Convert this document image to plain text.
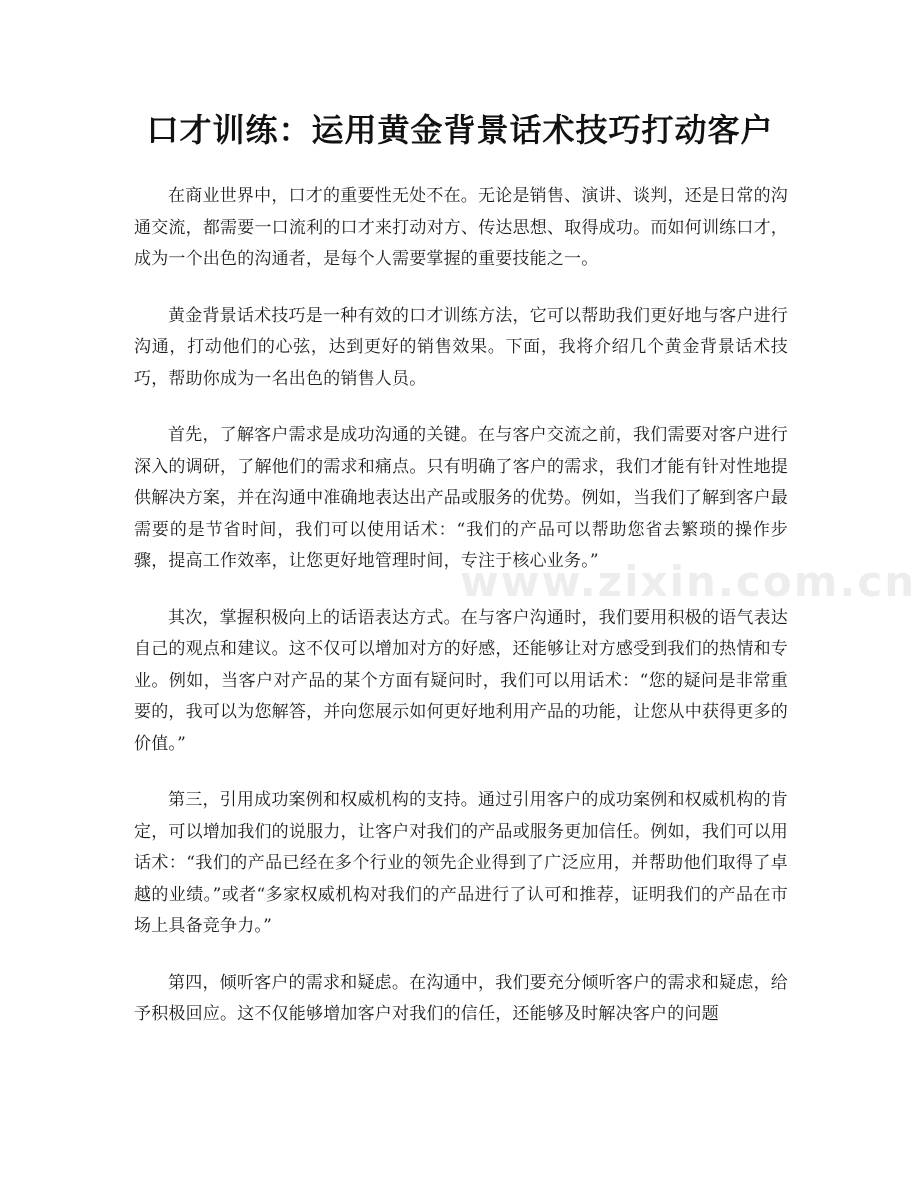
口才训练：运用黄金背景话术技巧打动客户

在商业世界中，口才的重要性无处不在。无论是销售、演讲、谈判，还是日常的沟通交流，都需要一口流利的口才来打动对方、传达思想、取得成功。而如何训练口才，成为一个出色的沟通者，是每个人需要掌握的重要技能之一。

黄金背景话术技巧是一种有效的口才训练方法，它可以帮助我们更好地与客户进行沟通，打动他们的心弦，达到更好的销售效果。下面，我将介绍几个黄金背景话术技巧，帮助你成为一名出色的销售人员。

首先，了解客户需求是成功沟通的关键。在与客户交流之前，我们需要对客户进行深入的调研，了解他们的需求和痛点。只有明确了客户的需求，我们才能有针对性地提供解决方案，并在沟通中准确地表达出产品或服务的优势。例如，当我们了解到客户最需要的是节省时间，我们可以使用话术：“我们的产品可以帮助您省去繁琐的操作步骤，提高工作效率，让您更好地管理时间，专注于核心业务。”

其次，掌握积极向上的话语表达方式。在与客户沟通时，我们要用积极的语气表达自己的观点和建议。这不仅可以增加对方的好感，还能够让对方感受到我们的热情和专业。例如，当客户对产品的某个方面有疑问时，我们可以用话术：“您的疑问是非常重要的，我可以为您解答，并向您展示如何更好地利用产品的功能，让您从中获得更多的价值。”

第三，引用成功案例和权威机构的支持。通过引用客户的成功案例和权威机构的肯定，可以增加我们的说服力，让客户对我们的产品或服务更加信任。例如，我们可以用话术：“我们的产品已经在多个行业的领先企业得到了广泛应用，并帮助他们取得了卓越的业绩。”或者“多家权威机构对我们的产品进行了认可和推荐，证明我们的产品在市场上具备竞争力。”

第四，倾听客户的需求和疑虑。在沟通中，我们要充分倾听客户的需求和疑虑，给予积极回应。这不仅能够增加客户对我们的信任，还能够及时解决客户的问题

www.zixin.com.cn
